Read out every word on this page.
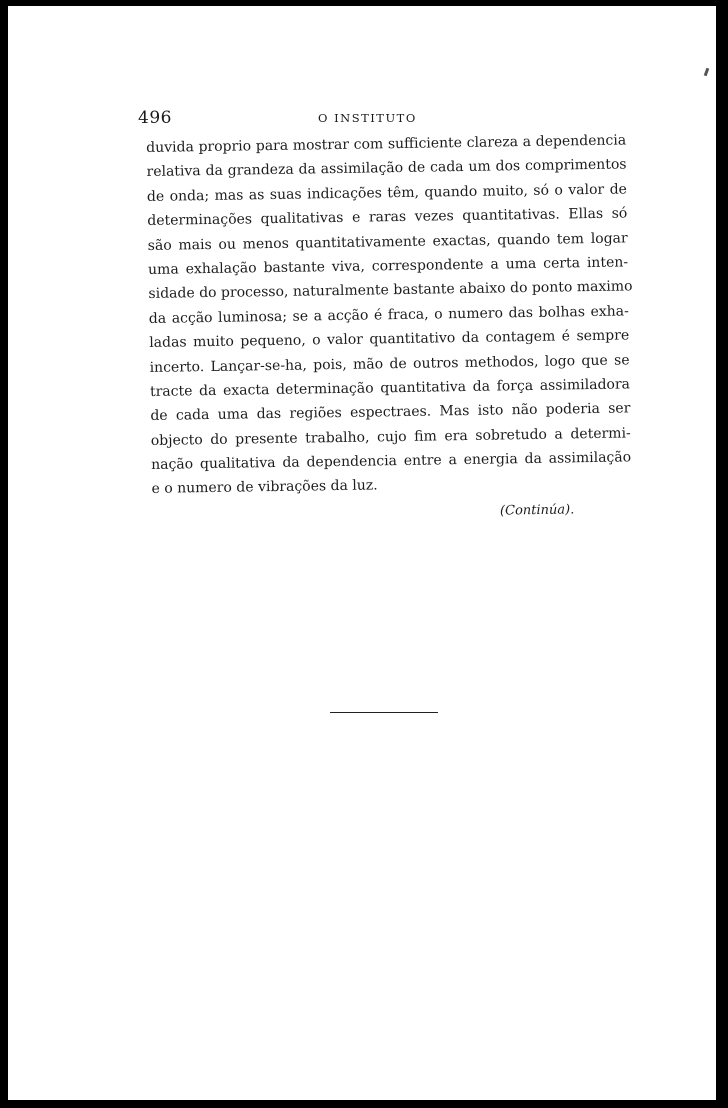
496	O INSTITUTO
duvida proprio para mostrar com sufficiente clareza a dependencia
relativa da grandeza da assimilação de cada um dos comprimentos
de onda; mas as suas indicações têm, quando muito, só o valor de
determinações qualitativas e raras vezes quantitativas. Ellas só
são mais ou menos quantitativamente exactas, quando tem logar
uma exhalação bastante viva, correspondente a uma certa inten-
sidade do processo, naturalmente bastante abaixo do ponto maximo
da acção luminosa; se a acção é fraca, o numero das bolhas exha-
ladas muito pequeno, o valor quantitativo da contagem é sempre
incerto. Lançar-se-ha, pois, mão de outros methodos, logo que se
tracte da exacta determinação quantitativa da força assimiladora
de cada uma das regiões espectraes. Mas isto não poderia ser
objecto do presente trabalho, cujo fim era sobretudo a determi-
nação qualitativa da dependencia entre a energia da assimilação
e o numero de vibrações da luz.
(Continúa).
